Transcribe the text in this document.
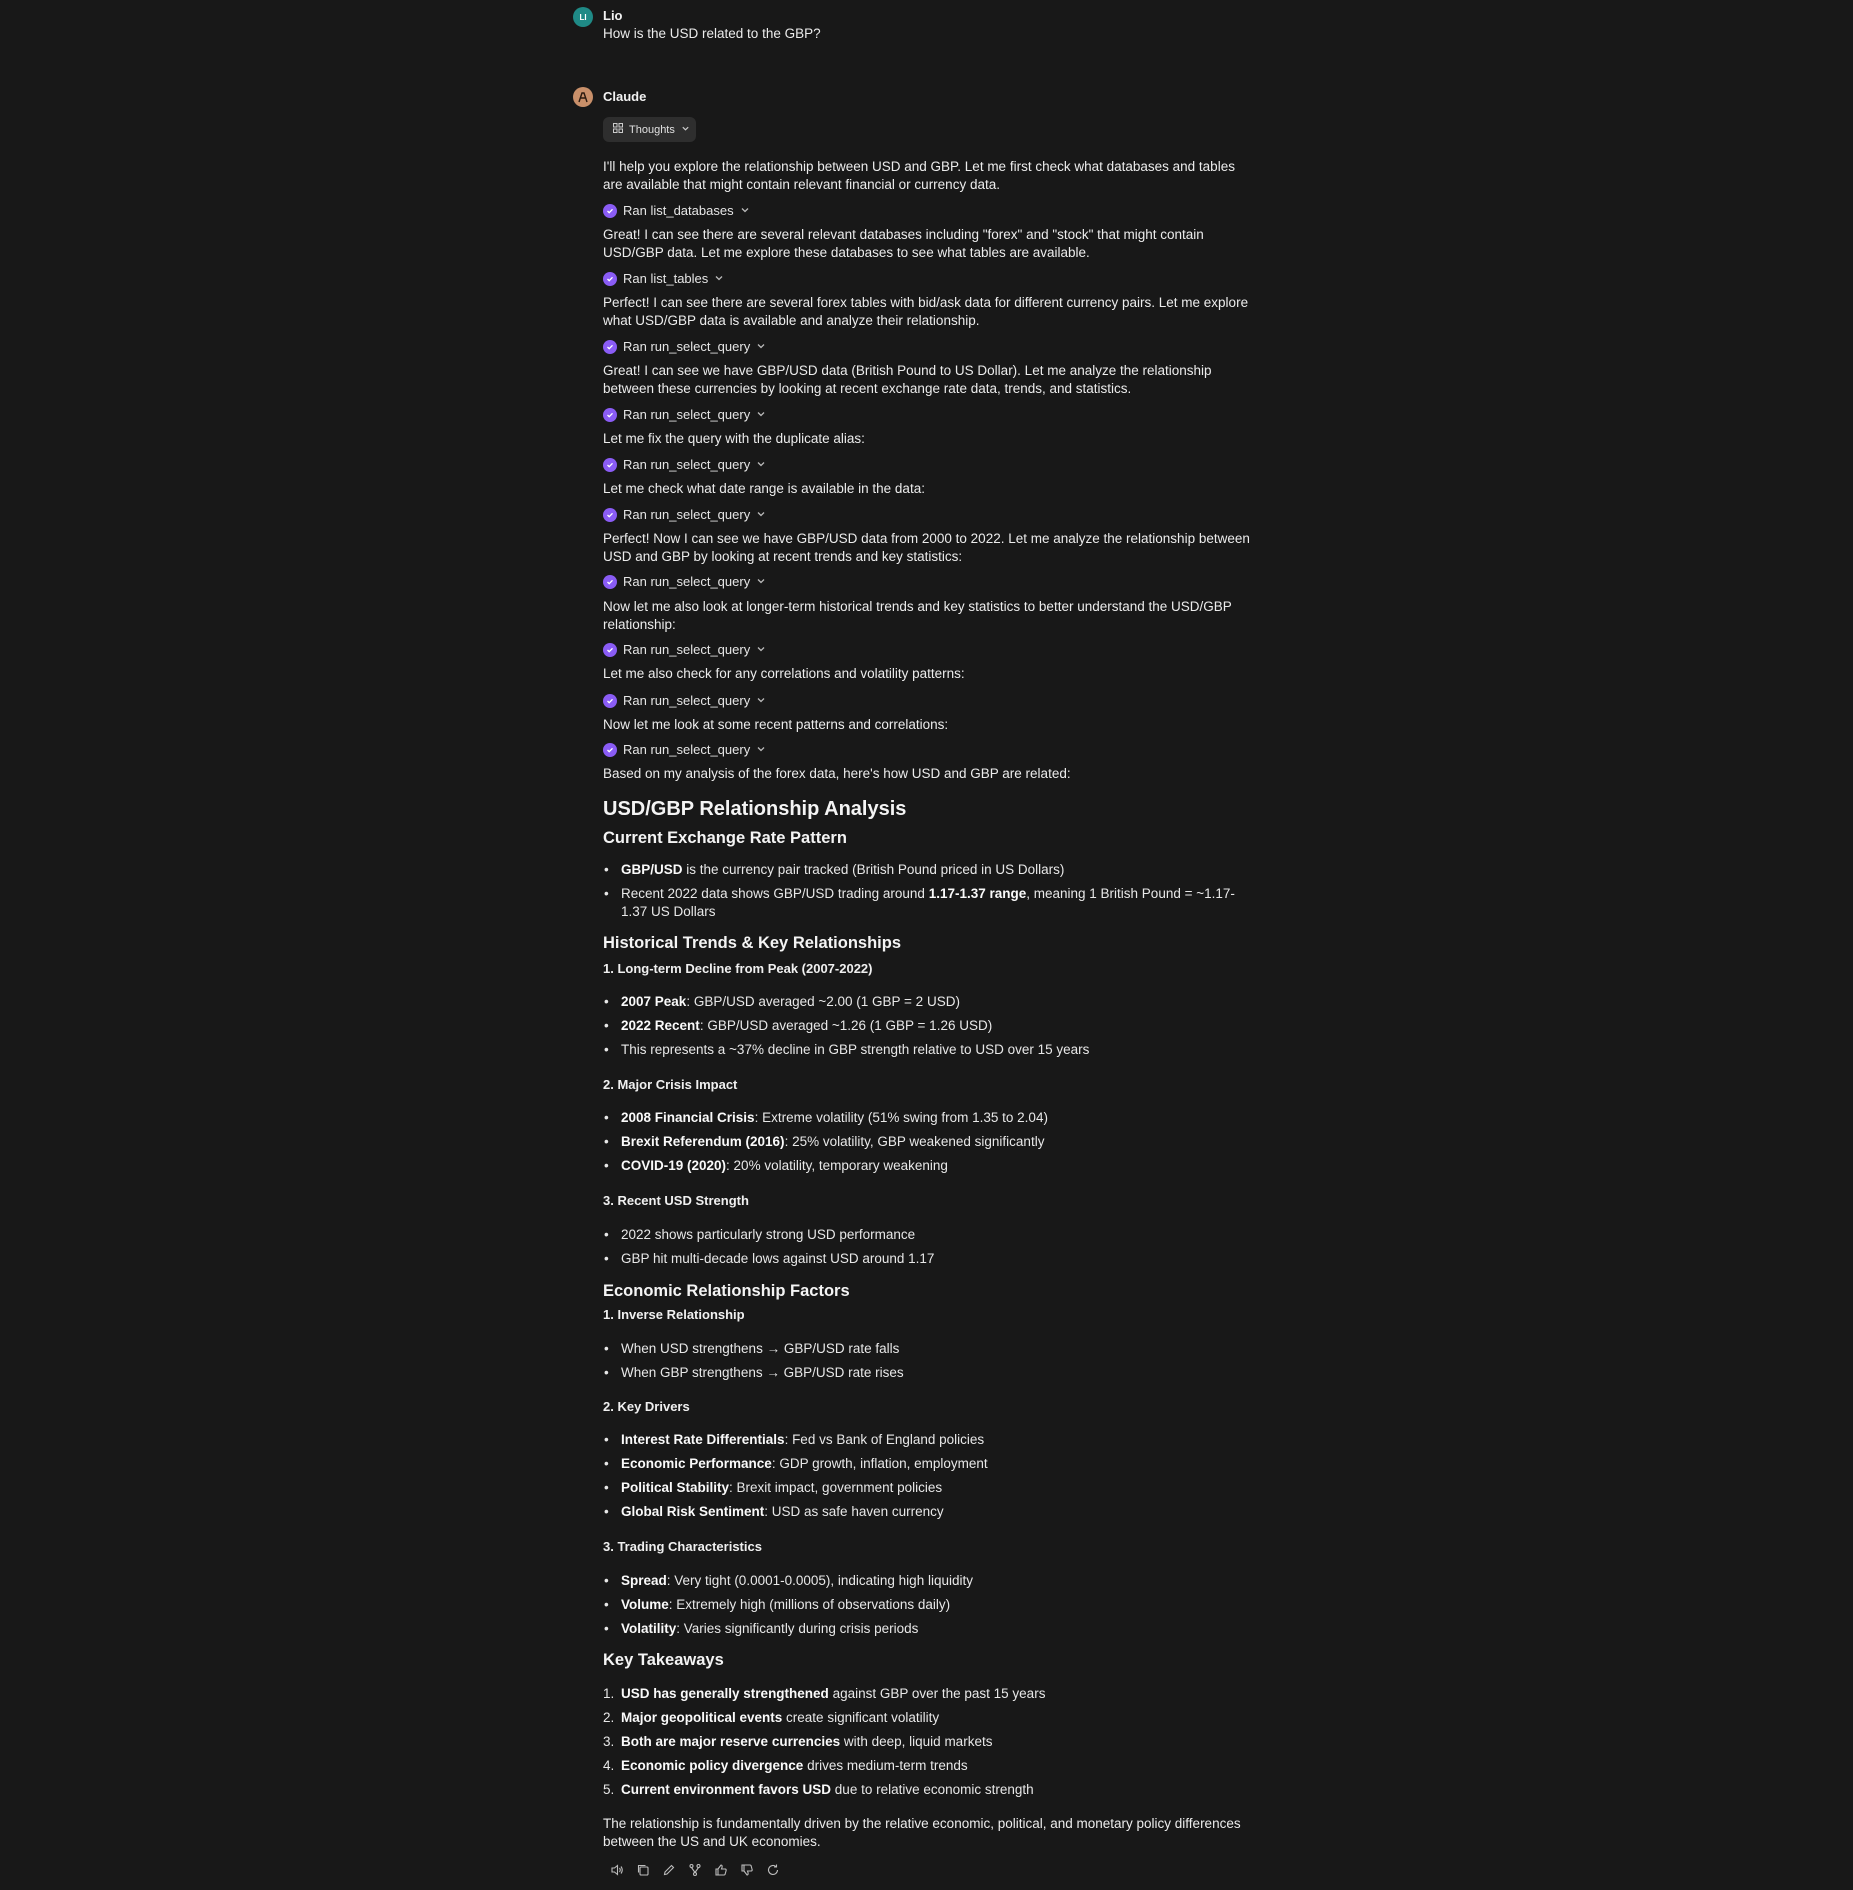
LI	Lio
How is the USD related to the GBP?
Claude
Thoughts
I'll help you explore the relationship between USD and GBP. Let me first check what databases and tables are available that might contain relevant financial or currency data.
Ran list_databases
Great! I can see there are several relevant databases including "forex" and "stock" that might contain USD/GBP data. Let me explore these databases to see what tables are available.
Ran list_tables
Perfect! I can see there are several forex tables with bid/ask data for different currency pairs. Let me explore what USD/GBP data is available and analyze their relationship.
Ran run_select_query
Great! I can see we have GBP/USD data (British Pound to US Dollar). Let me analyze the relationship between these currencies by looking at recent exchange rate data, trends, and statistics.
Ran run_select_query
Let me fix the query with the duplicate alias:
Ran run_select_query
Let me check what date range is available in the data:
Ran run_select_query
Perfect! Now I can see we have GBP/USD data from 2000 to 2022. Let me analyze the relationship between USD and GBP by looking at recent trends and key statistics:
Ran run_select_query
Now let me also look at longer-term historical trends and key statistics to better understand the USD/GBP relationship:
Ran run_select_query
Let me also check for any correlations and volatility patterns:
Ran run_select_query
Now let me look at some recent patterns and correlations:
Ran run_select_query
Based on my analysis of the forex data, here's how USD and GBP are related:
USD/GBP Relationship Analysis
Current Exchange Rate Pattern
• GBP/USD is the currency pair tracked (British Pound priced in US Dollars)
• Recent 2022 data shows GBP/USD trading around 1.17-1.37 range, meaning 1 British Pound = ~1.17-1.37 US Dollars
Historical Trends & Key Relationships
1. Long-term Decline from Peak (2007-2022)
• 2007 Peak: GBP/USD averaged ~2.00 (1 GBP = 2 USD)
• 2022 Recent: GBP/USD averaged ~1.26 (1 GBP = 1.26 USD)
• This represents a ~37% decline in GBP strength relative to USD over 15 years
2. Major Crisis Impact
• 2008 Financial Crisis: Extreme volatility (51% swing from 1.35 to 2.04)
• Brexit Referendum (2016): 25% volatility, GBP weakened significantly
• COVID-19 (2020): 20% volatility, temporary weakening
3. Recent USD Strength
• 2022 shows particularly strong USD performance
• GBP hit multi-decade lows against USD around 1.17
Economic Relationship Factors
1. Inverse Relationship
• When USD strengthens → GBP/USD rate falls
• When GBP strengthens → GBP/USD rate rises
2. Key Drivers
• Interest Rate Differentials: Fed vs Bank of England policies
• Economic Performance: GDP growth, inflation, employment
• Political Stability: Brexit impact, government policies
• Global Risk Sentiment: USD as safe haven currency
3. Trading Characteristics
• Spread: Very tight (0.0001-0.0005), indicating high liquidity
• Volume: Extremely high (millions of observations daily)
• Volatility: Varies significantly during crisis periods
Key Takeaways
1. USD has generally strengthened against GBP over the past 15 years
2. Major geopolitical events create significant volatility
3. Both are major reserve currencies with deep, liquid markets
4. Economic policy divergence drives medium-term trends
5. Current environment favors USD due to relative economic strength
The relationship is fundamentally driven by the relative economic, political, and monetary policy differences between the US and UK economies.
